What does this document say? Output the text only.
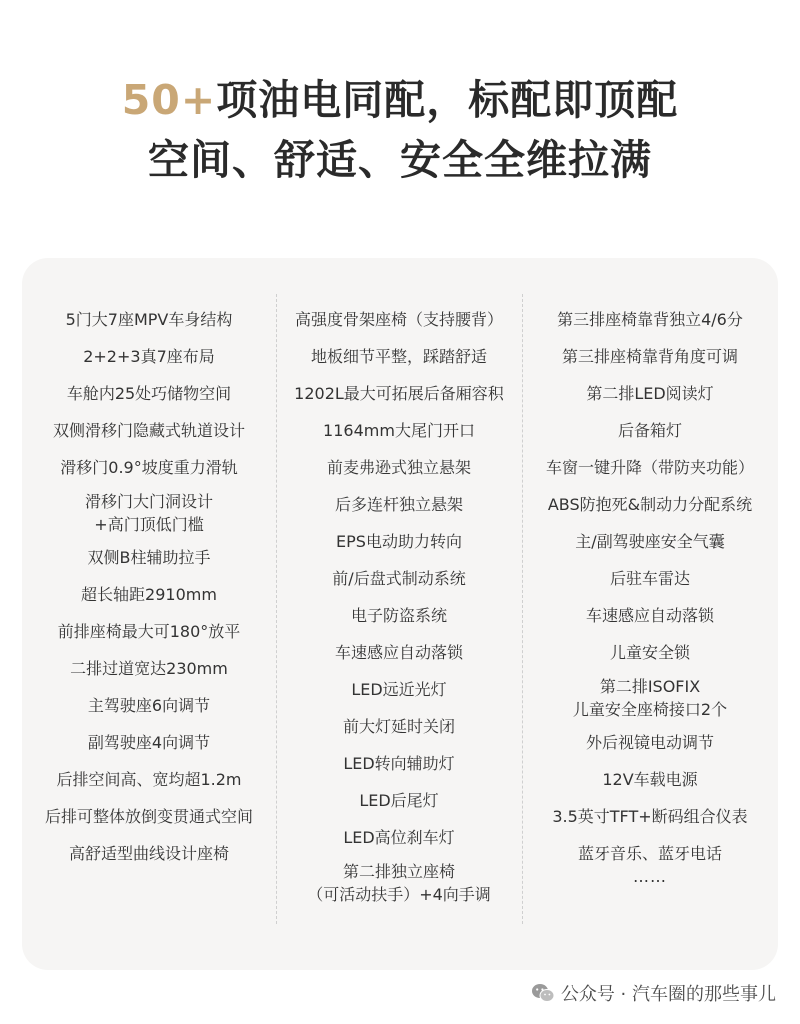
50+项油电同配，标配即顶配
空间、舒适、安全全维拉满
5门大7座MPV车身结构
2+2+3真7座布局
车舱内25处巧储物空间
双侧滑移门隐藏式轨道设计
滑移门0.9°坡度重力滑轨
滑移门大门洞设计
+高门顶低门槛
双侧B柱辅助拉手
超长轴距2910mm
前排座椅最大可180°放平
二排过道宽达230mm
主驾驶座6向调节
副驾驶座4向调节
后排空间高、宽均超1.2m
后排可整体放倒变贯通式空间
高舒适型曲线设计座椅
高强度骨架座椅（支持腰背）
地板细节平整，踩踏舒适
1202L最大可拓展后备厢容积
1164mm大尾门开口
前麦弗逊式独立悬架
后多连杆独立悬架
EPS电动助力转向
前/后盘式制动系统
电子防盗系统
车速感应自动落锁
LED远近光灯
前大灯延时关闭
LED转向辅助灯
LED后尾灯
LED高位刹车灯
第二排独立座椅
（可活动扶手）+4向手调
第三排座椅靠背独立4/6分
第三排座椅靠背角度可调
第二排LED阅读灯
后备箱灯
车窗一键升降（带防夹功能）
ABS防抱死&制动力分配系统
主/副驾驶座安全气囊
后驻车雷达
车速感应自动落锁
儿童安全锁
第二排ISOFIX
儿童安全座椅接口2个
外后视镜电动调节
12V车载电源
3.5英寸TFT+断码组合仪表
蓝牙音乐、蓝牙电话
……
公众号 · 汽车圈的那些事儿
